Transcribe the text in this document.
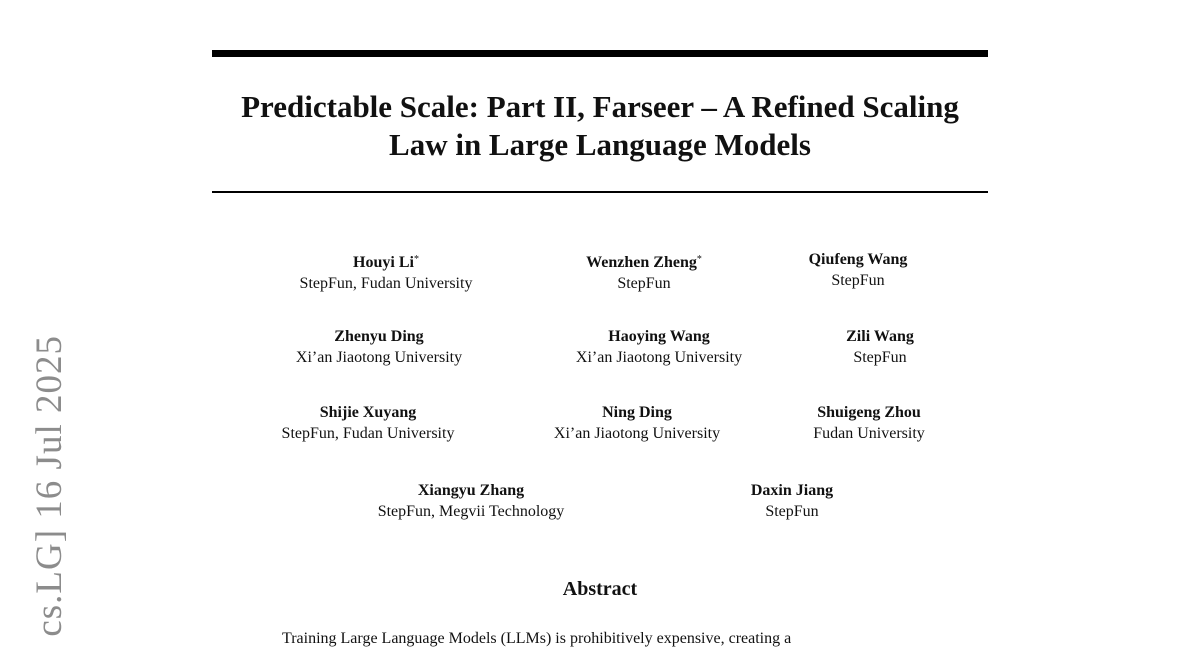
cs.LG] 16 Jul 2025
Predictable Scale: Part II, Farseer – A Refined Scaling
Law in Large Language Models
Houyi Li*
StepFun, Fudan University
Wenzhen Zheng*
StepFun
Qiufeng Wang
StepFun
Zhenyu Ding
Xi’an Jiaotong University
Haoying Wang
Xi’an Jiaotong University
Zili Wang
StepFun
Shijie Xuyang
StepFun, Fudan University
Ning Ding
Xi’an Jiaotong University
Shuigeng Zhou
Fudan University
Xiangyu Zhang
StepFun, Megvii Technology
Daxin Jiang
StepFun
Abstract
Training Large Language Models (LLMs) is prohibitively expensive, creating a
